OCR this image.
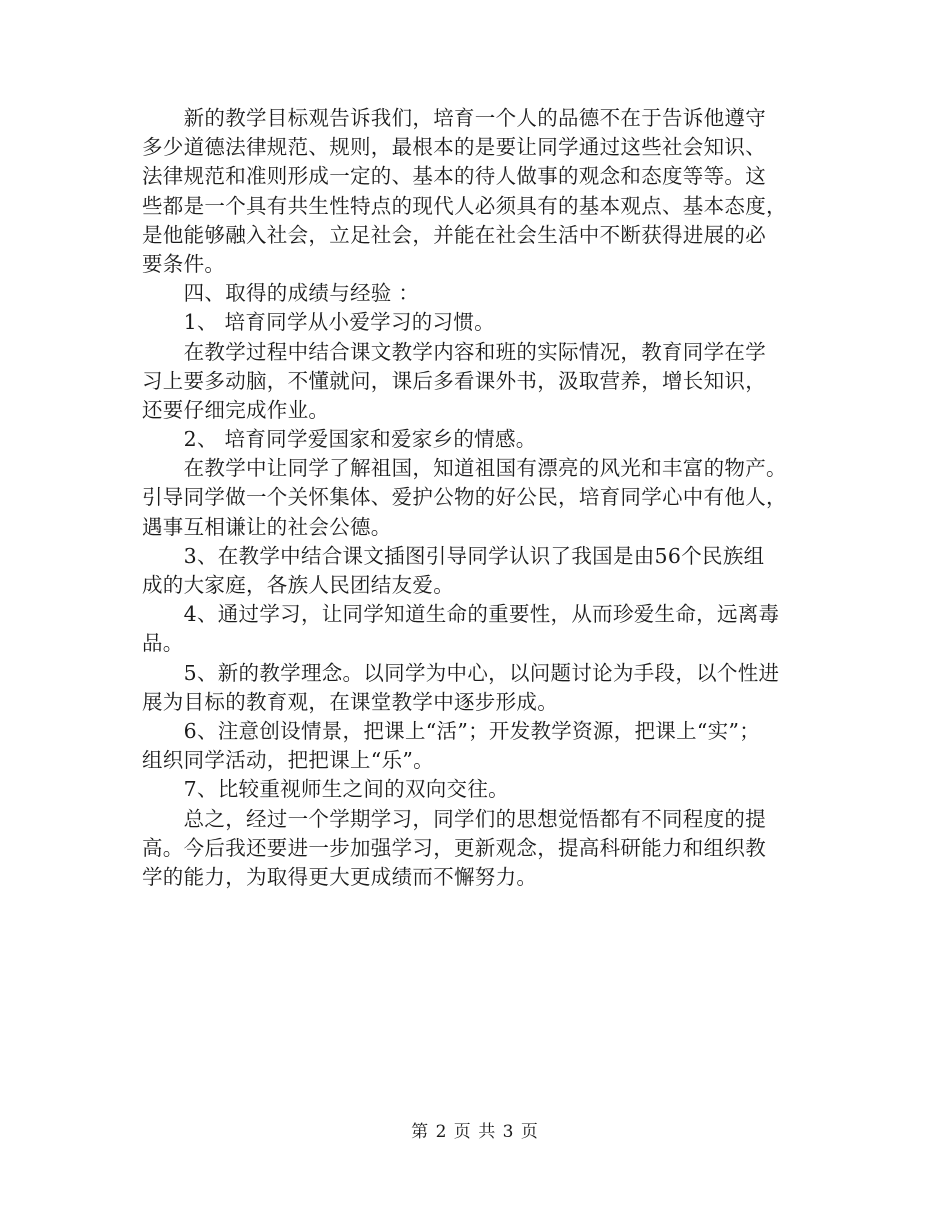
　　新的教学目标观告诉我们，培育一个人的品德不在于告诉他遵守
多少道德法律规范、规则，最根本的是要让同学通过这些社会知识、
法律规范和准则形成一定的、基本的待人做事的观念和态度等等。这
些都是一个具有共生性特点的现代人必须具有的基本观点、基本态度，
是他能够融入社会，立足社会，并能在社会生活中不断获得进展的必
要条件。
　　四、取得的成绩与经验 ：
　　1、 培育同学从小爱学习的习惯。
　　在教学过程中结合课文教学内容和班的实际情况，教育同学在学
习上要多动脑，不懂就问，课后多看课外书，汲取营养，增长知识，
还要仔细完成作业。
　　2、 培育同学爱国家和爱家乡的情感。
　　在教学中让同学了解祖国，知道祖国有漂亮的风光和丰富的物产。
引导同学做一个关怀集体、爱护公物的好公民，培育同学心中有他人，
遇事互相谦让的社会公德。
　　3、在教学中结合课文插图引导同学认识了我国是由56个民族组
成的大家庭，各族人民团结友爱。
　　4、通过学习，让同学知道生命的重要性，从而珍爱生命，远离毒
品。
　　5、新的教学理念。以同学为中心，以问题讨论为手段，以个性进
展为目标的教育观，在课堂教学中逐步形成。
　　6、注意创设情景，把课上“活”；开发教学资源，把课上“实”；
组织同学活动，把把课上“乐”。
　　7、比较重视师生之间的双向交往。
　　总之，经过一个学期学习，同学们的思想觉悟都有不同程度的提
高。今后我还要进一步加强学习，更新观念，提高科研能力和组织教
学的能力，为取得更大更成绩而不懈努力。
第 2 页 共 3 页
